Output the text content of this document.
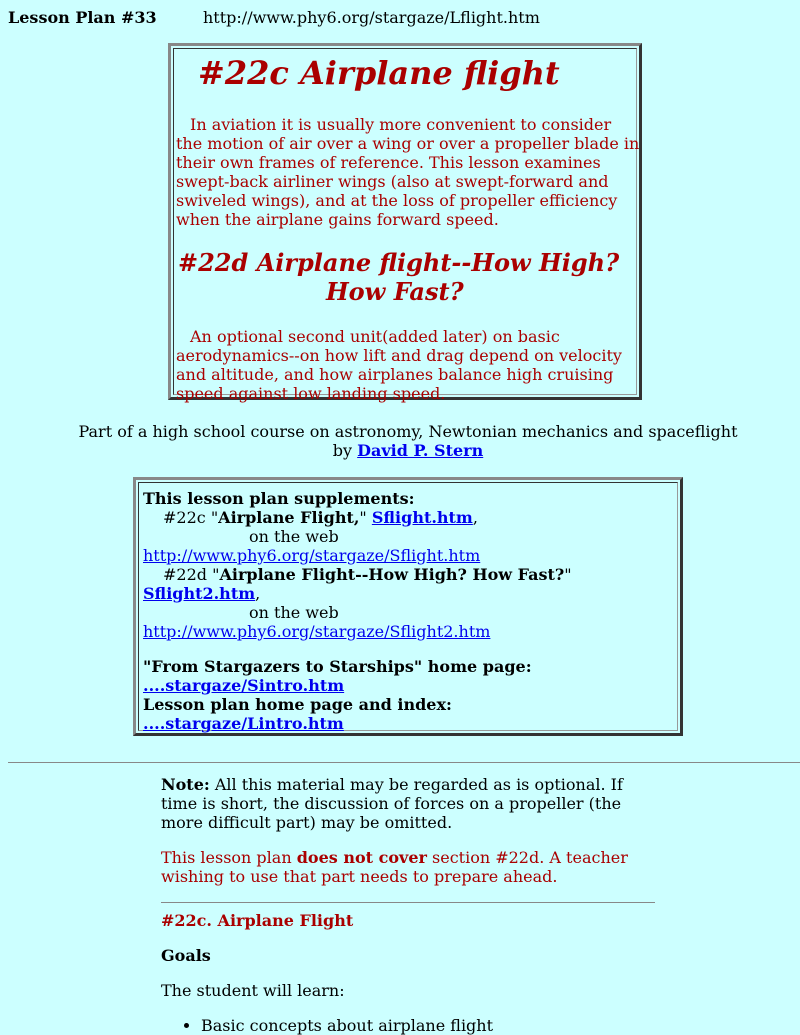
Lesson Plan #33	http://www.phy6.org/stargaze/Lflight.htm
#22c Airplane flight
In aviation it is usually more convenient to consider the motion of air over a wing or over a propeller blade in their own frames of reference. This lesson examines swept-back airliner wings (also at swept-forward and swiveled wings), and at the loss of propeller efficiency when the airplane gains forward speed.
#22d Airplane flight--How High?
How Fast?
An optional second unit(added later) on basic aerodynamics--on how lift and drag depend on velocity and altitude, and how airplanes balance high cruising speed against low landing speed.
Part of a high school course on astronomy, Newtonian mechanics and spaceflight
by David P. Stern
This lesson plan supplements:
#22c "Airplane Flight," Sflight.htm,
on the web
http://www.phy6.org/stargaze/Sflight.htm
#22d "Airplane Flight--How High? How Fast?"
Sflight2.htm,
on the web
http://www.phy6.org/stargaze/Sflight2.htm
"From Stargazers to Starships" home page:
....stargaze/Sintro.htm
Lesson plan home page and index:
....stargaze/Lintro.htm
Note: All this material may be regarded as is optional. If time is short, the discussion of forces on a propeller (the more difficult part) may be omitted.
This lesson plan does not cover section #22d. A teacher wishing to use that part needs to prepare ahead.
#22c. Airplane Flight
Goals
The student will learn:
• Basic concepts about airplane flight
